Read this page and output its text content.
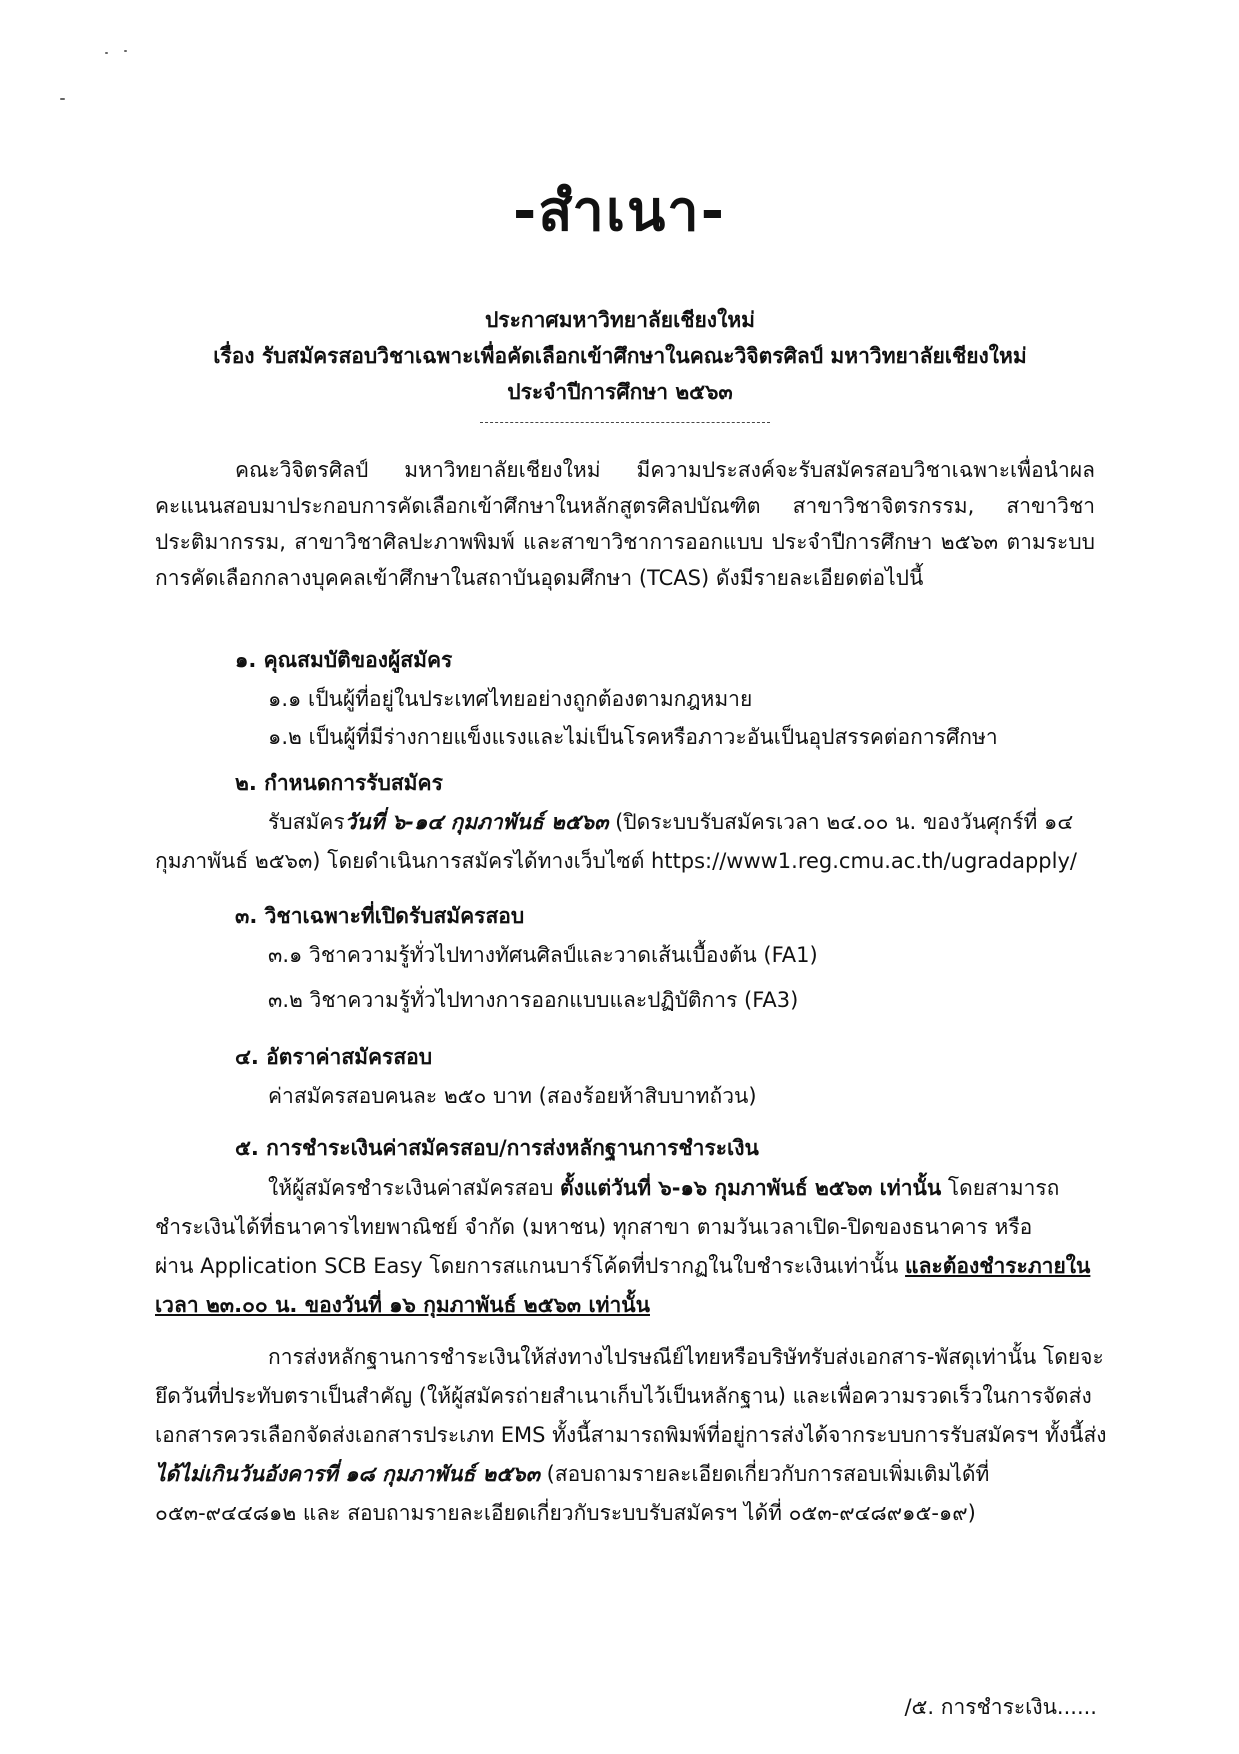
-สำเนา-
ประกาศมหาวิทยาลัยเชียงใหม่
เรื่อง รับสมัครสอบวิชาเฉพาะเพื่อคัดเลือกเข้าศึกษาในคณะวิจิตรศิลป์ มหาวิทยาลัยเชียงใหม่
ประจำปีการศึกษา ๒๕๖๓
คณะวิจิตรศิลป์ มหาวิทยาลัยเชียงใหม่ มีความประสงค์จะรับสมัครสอบวิชาเฉพาะเพื่อนำผลคะแนนสอบมาประกอบการคัดเลือกเข้าศึกษาในหลักสูตรศิลปบัณฑิต สาขาวิชาจิตรกรรม, สาขาวิชาประติมากรรม, สาขาวิชาศิลปะภาพพิมพ์ และสาขาวิชาการออกแบบ ประจำปีการศึกษา ๒๕๖๓ ตามระบบการคัดเลือกกลางบุคคลเข้าศึกษาในสถาบันอุดมศึกษา (TCAS) ดังมีรายละเอียดต่อไปนี้
๑. คุณสมบัติของผู้สมัคร
๑.๑ เป็นผู้ที่อยู่ในประเทศไทยอย่างถูกต้องตามกฎหมาย
๑.๒ เป็นผู้ที่มีร่างกายแข็งแรงและไม่เป็นโรคหรือภาวะอันเป็นอุปสรรคต่อการศึกษา
๒. กำหนดการรับสมัคร
รับสมัครวันที่ ๖-๑๔ กุมภาพันธ์ ๒๕๖๓ (ปิดระบบรับสมัครเวลา ๒๔.๐๐ น. ของวันศุกร์ที่ ๑๔
กุมภาพันธ์ ๒๕๖๓) โดยดำเนินการสมัครได้ทางเว็บไซต์ https://www1.reg.cmu.ac.th/ugradapply/
๓. วิชาเฉพาะที่เปิดรับสมัครสอบ
๓.๑ วิชาความรู้ทั่วไปทางทัศนศิลป์และวาดเส้นเบื้องต้น (FA1)
๓.๒ วิชาความรู้ทั่วไปทางการออกแบบและปฏิบัติการ (FA3)
๔. อัตราค่าสมัครสอบ
ค่าสมัครสอบคนละ ๒๕๐ บาท (สองร้อยห้าสิบบาทถ้วน)
๕. การชำระเงินค่าสมัครสอบ/การส่งหลักฐานการชำระเงิน
ให้ผู้สมัครชำระเงินค่าสมัครสอบ ตั้งแต่วันที่ ๖-๑๖ กุมภาพันธ์ ๒๕๖๓ เท่านั้น โดยสามารถ
ชำระเงินได้ที่ธนาคารไทยพาณิชย์ จำกัด (มหาชน) ทุกสาขา ตามวันเวลาเปิด-ปิดของธนาคาร หรือ
ผ่าน Application SCB Easy โดยการสแกนบาร์โค้ดที่ปรากฏในใบชำระเงินเท่านั้น และต้องชำระภายใน
เวลา ๒๓.๐๐ น. ของวันที่ ๑๖ กุมภาพันธ์ ๒๕๖๓ เท่านั้น
การส่งหลักฐานการชำระเงินให้ส่งทางไปรษณีย์ไทยหรือบริษัทรับส่งเอกสาร-พัสดุเท่านั้น โดยจะ
ยึดวันที่ประทับตราเป็นสำคัญ (ให้ผู้สมัครถ่ายสำเนาเก็บไว้เป็นหลักฐาน) และเพื่อความรวดเร็วในการจัดส่ง
เอกสารควรเลือกจัดส่งเอกสารประเภท EMS ทั้งนี้สามารถพิมพ์ที่อยู่การส่งได้จากระบบการรับสมัครฯ ทั้งนี้ส่ง
ได้ไม่เกินวันอังคารที่ ๑๘ กุมภาพันธ์ ๒๕๖๓ (สอบถามรายละเอียดเกี่ยวกับการสอบเพิ่มเติมได้ที่
๐๕๓-๙๔๔๘๑๒ และ สอบถามรายละเอียดเกี่ยวกับระบบรับสมัครฯ ได้ที่ ๐๕๓-๙๔๘๙๑๕-๑๙)
/๕. การชำระเงิน......
